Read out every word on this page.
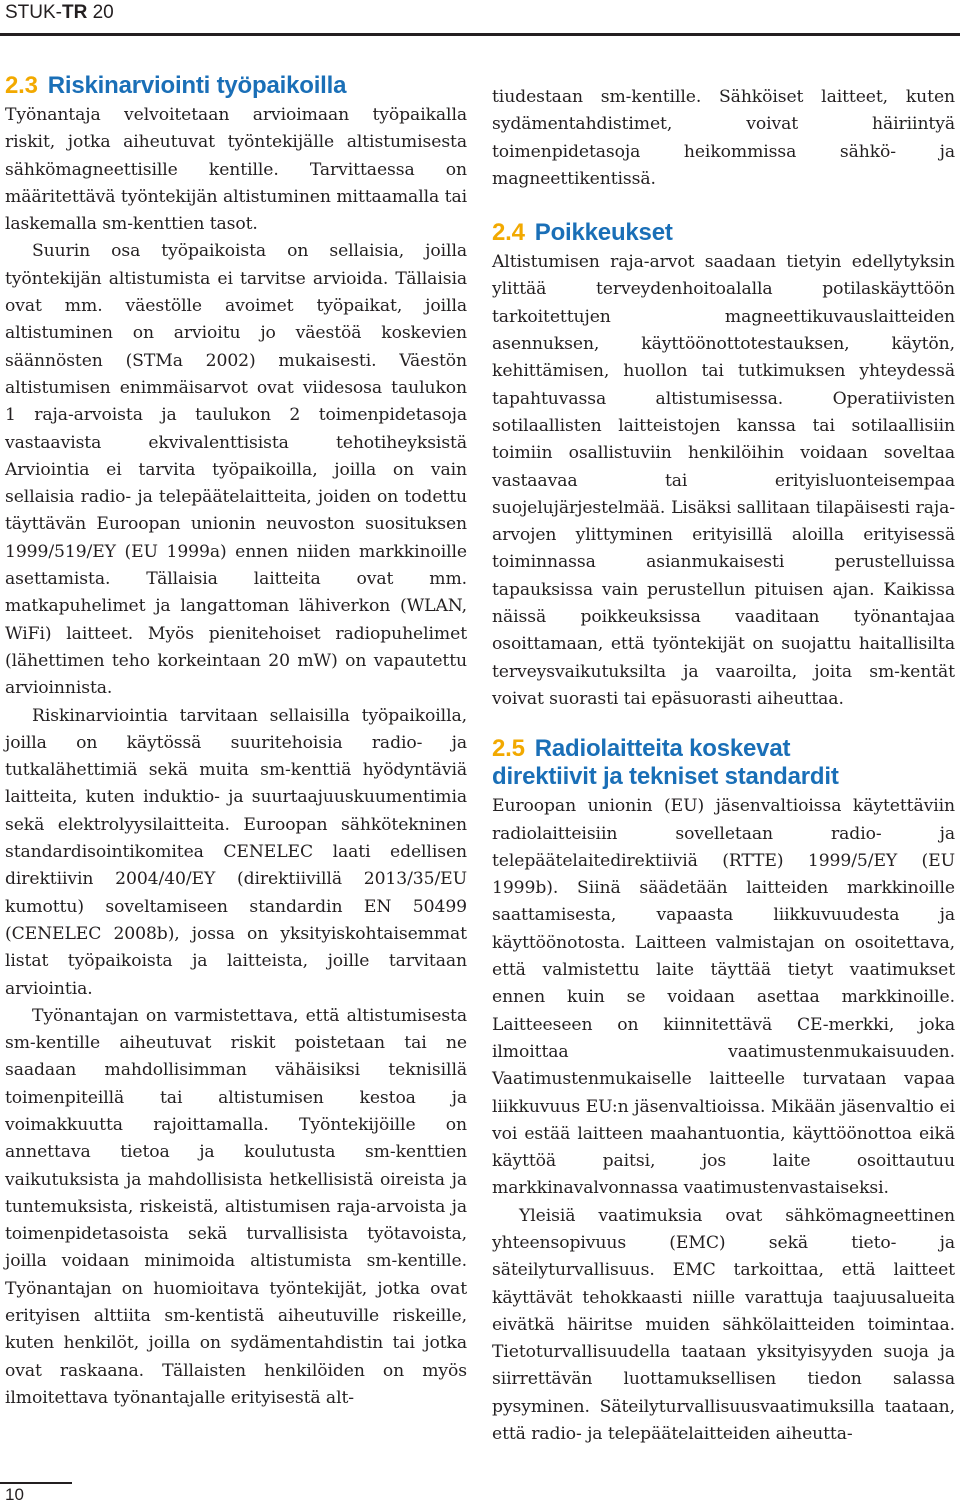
STUK-TR 20
2.3 Riskinarviointi työpaikoilla

Työnantaja velvoitetaan arvioimaan työpaikalla riskit, jotka aiheutuvat työntekijälle altistumisesta sähkömagneettisille kentille. Tarvittaessa on määritettävä työntekijän altistuminen mittaamalla tai laskemalla sm-kenttien tasot.

Suurin osa työpaikoista on sellaisia, joilla työntekijän altistumista ei tarvitse arvioida. Tällaisia ovat mm. väestölle avoimet työpaikat, joilla altistuminen on arvioitu jo väestöä koskevien säännösten (STMa 2002) mukaisesti. Väestön altistumisen enimmäisarvot ovat viidesosa taulukon 1 raja-arvoista ja taulukon 2 toimenpidetasoja vastaavista ekvivalenttisista tehotiheyksistä Arviointia ei tarvita työpaikoilla, joilla on vain sellaisia radio- ja telepäätelaitteita, joiden on todettu täyttävän Euroopan unionin neuvoston suosituksen 1999/519/EY (EU 1999a) ennen niiden markkinoille asettamista. Tällaisia laitteita ovat mm. matkapuhelimet ja langattoman lähiverkon (WLAN, WiFi) laitteet. Myös pienitehoiset radiopuhelimet (lähettimen teho korkeintaan 20 mW) on vapautettu arvioinnista.

Riskinarviointia tarvitaan sellaisilla työpaikoilla, joilla on käytössä suuritehoisia radio- ja tutkalähettimiä sekä muita sm-kenttiä hyödyntäviä laitteita, kuten induktio- ja suurtaajuuskuumentimia sekä elektrolyysilaitteita. Euroopan sähkötekninen standardisointikomitea CENELEC laati edellisen direktiivin 2004/40/EY (direktiivillä 2013/35/EU kumottu) soveltamiseen standardin EN 50499 (CENELEC 2008b), jossa on yksityiskohtaisemmat listat työpaikoista ja laitteista, joille tarvitaan arviointia.

Työnantajan on varmistettava, että altistumisesta sm-kentille aiheutuvat riskit poistetaan tai ne saadaan mahdollisimman vähäisiksi teknisillä toimenpiteillä tai altistumisen kestoa ja voimakkuutta rajoittamalla. Työntekijöille on annettava tietoa ja koulutusta sm-kenttien vaikutuksista ja mahdollisista hetkellisistä oireista ja tuntemuksista, riskeistä, altistumisen raja-arvoista ja toimenpidetasoista sekä turvallisista työtavoista, joilla voidaan minimoida altistumista sm-kentille. Työnantajan on huomioitava työntekijät, jotka ovat erityisen alttiita sm-kentistä aiheutuville riskeille, kuten henkilöt, joilla on sydämentahdistin tai jotka ovat raskaana. Tällaisten henkilöiden on myös ilmoitettava työnantajalle erityisestä alt-

tiudestaan sm-kentille. Sähköiset laitteet, kuten sydämentahdistimet, voivat häiriintyä toimenpidetasoja heikommissa sähkö- ja magneettikentissä.

2.4 Poikkeukset

Altistumisen raja-arvot saadaan tietyin edellytyksin ylittää terveydenhoitoalalla potilaskäyttöön tarkoitettujen magneettikuvauslaitteiden asennuksen, käyttöönottotestauksen, käytön, kehittämisen, huollon tai tutkimuksen yhteydessä tapahtuvassa altistumisessa. Operatiivisten sotilaallisten laitteistojen kanssa tai sotilaallisiin toimiin osallistuviin henkilöihin voidaan soveltaa vastaavaa tai erityisluonteisempaa suojelujärjestelmää. Lisäksi sallitaan tilapäisesti raja-arvojen ylittyminen erityisillä aloilla erityisessä toiminnassa asianmukaisesti perustelluissa tapauksissa vain perustellun pituisen ajan. Kaikissa näissä poikkeuksissa vaaditaan työnantajaa osoittamaan, että työntekijät on suojattu haitallisilta terveysvaikutuksilta ja vaaroilta, joita sm-kentät voivat suorasti tai epäsuorasti aiheuttaa.

2.5 Radiolaitteita koskevat
direktiivit ja tekniset standardit

Euroopan unionin (EU) jäsenvaltioissa käytettäviin radiolaitteisiin sovelletaan radio- ja telepäätelaitedirektiiviä (RTTE) 1999/5/EY (EU 1999b). Siinä säädetään laitteiden markkinoille saattamisesta, vapaasta liikkuvuudesta ja käyttöönotosta. Laitteen valmistajan on osoitettava, että valmistettu laite täyttää tietyt vaatimukset ennen kuin se voidaan asettaa markkinoille. Laitteeseen on kiinnitettävä CE-merkki, joka ilmoittaa vaatimustenmukaisuuden. Vaatimustenmukaiselle laitteelle turvataan vapaa liikkuvuus EU:n jäsenvaltioissa. Mikään jäsenvaltio ei voi estää laitteen maahantuontia, käyttöönottoa eikä käyttöä paitsi, jos laite osoittautuu markkinavalvonnassa vaatimustenvastaiseksi.

Yleisiä vaatimuksia ovat sähkömagneettinen yhteensopivuus (EMC) sekä tieto- ja säteilyturvallisuus. EMC tarkoittaa, että laitteet käyttävät tehokkaasti niille varattuja taajuusalueita eivätkä häiritse muiden sähkölaitteiden toimintaa. Tietoturvallisuudella taataan yksityisyyden suoja ja siirrettävän luottamuksellisen tiedon salassa pysyminen. Säteilyturvallisuusvaatimuksilla taataan, että radio- ja telepäätelaitteiden aiheutta-

10
